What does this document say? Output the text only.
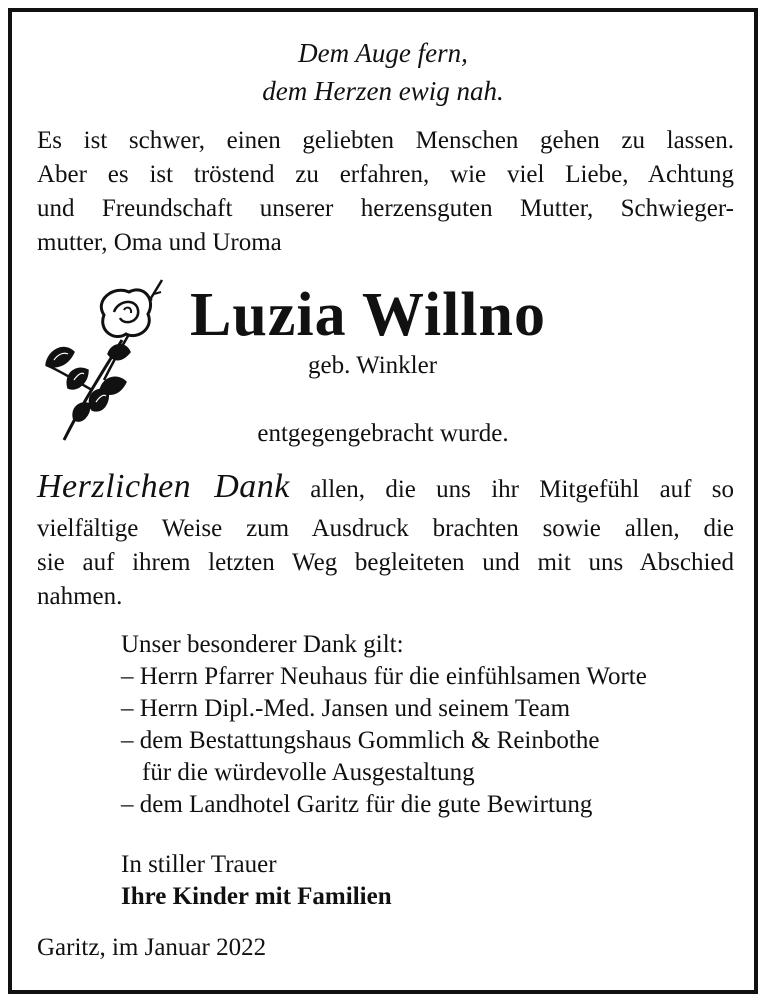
Dem Auge fern,
dem Herzen ewig nah.
Es ist schwer, einen geliebten Menschen gehen zu lassen.
Aber es ist tröstend zu erfahren, wie viel Liebe, Achtung
und Freundschaft unserer herzensguten Mutter, Schwieger-
mutter, Oma und Uroma
Luzia Willno
geb. Winkler
entgegengebracht wurde.
Herzlichen Dank allen, die uns ihr Mitgefühl auf so
vielfältige Weise zum Ausdruck brachten sowie allen, die
sie auf ihrem letzten Weg begleiteten und mit uns Abschied
nahmen.
Unser besonderer Dank gilt:
– Herrn Pfarrer Neuhaus für die einfühlsamen Worte
– Herrn Dipl.-Med. Jansen und seinem Team
– dem Bestattungshaus Gommlich & Reinbothe
für die würdevolle Ausgestaltung
– dem Landhotel Garitz für die gute Bewirtung
In stiller Trauer
Ihre Kinder mit Familien
Garitz, im Januar 2022
